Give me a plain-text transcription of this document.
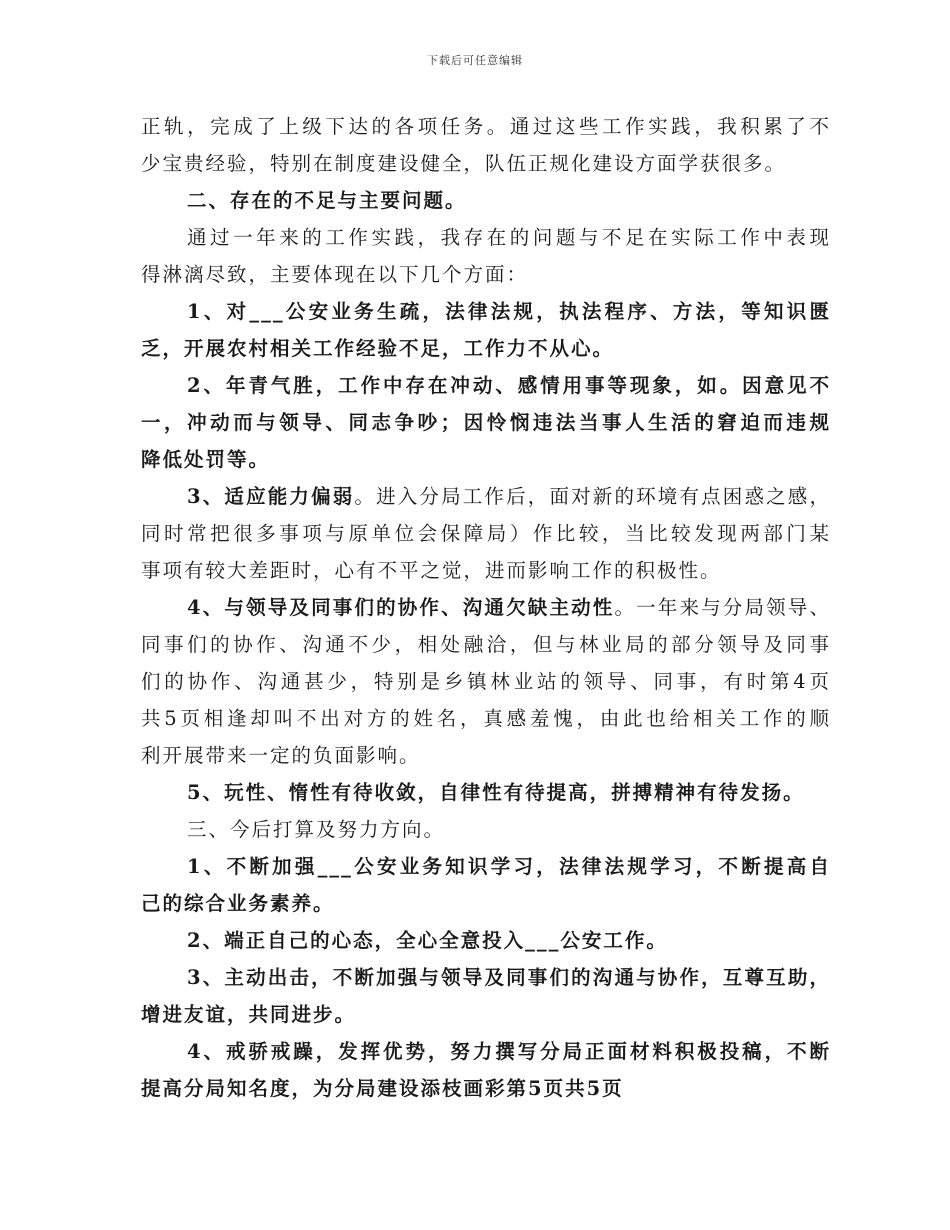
下载后可任意编辑
正轨，完成了上级下达的各项任务。通过这些工作实践，我积累了不
少宝贵经验，特别在制度建设健全，队伍正规化建设方面学获很多。
二、存在的不足与主要问题。
通过一年来的工作实践，我存在的问题与不足在实际工作中表现
得淋漓尽致，主要体现在以下几个方面：
1、对___公安业务生疏，法律法规，执法程序、方法，等知识匮
乏，开展农村相关工作经验不足，工作力不从心。
2、年青气胜，工作中存在冲动、感情用事等现象，如。因意见不
一，冲动而与领导、同志争吵；因怜悯违法当事人生活的窘迫而违规
降低处罚等。
3、适应能力偏弱。进入分局工作后，面对新的环境有点困惑之感，
同时常把很多事项与原单位会保障局）作比较，当比较发现两部门某
事项有较大差距时，心有不平之觉，进而影响工作的积极性。
4、与领导及同事们的协作、沟通欠缺主动性。一年来与分局领导、
同事们的协作、沟通不少，相处融洽，但与林业局的部分领导及同事
们的协作、沟通甚少，特别是乡镇林业站的领导、同事，有时第4页
共5页相逢却叫不出对方的姓名，真感羞愧，由此也给相关工作的顺
利开展带来一定的负面影响。
5、玩性、惰性有待收敛，自律性有待提高，拼搏精神有待发扬。
三、今后打算及努力方向。
1、不断加强___公安业务知识学习，法律法规学习，不断提高自
己的综合业务素养。
2、端正自己的心态，全心全意投入___公安工作。
3、主动出击，不断加强与领导及同事们的沟通与协作，互尊互助，
增进友谊，共同进步。
4、戒骄戒躁，发挥优势，努力撰写分局正面材料积极投稿，不断
提高分局知名度，为分局建设添枝画彩第5页共5页
